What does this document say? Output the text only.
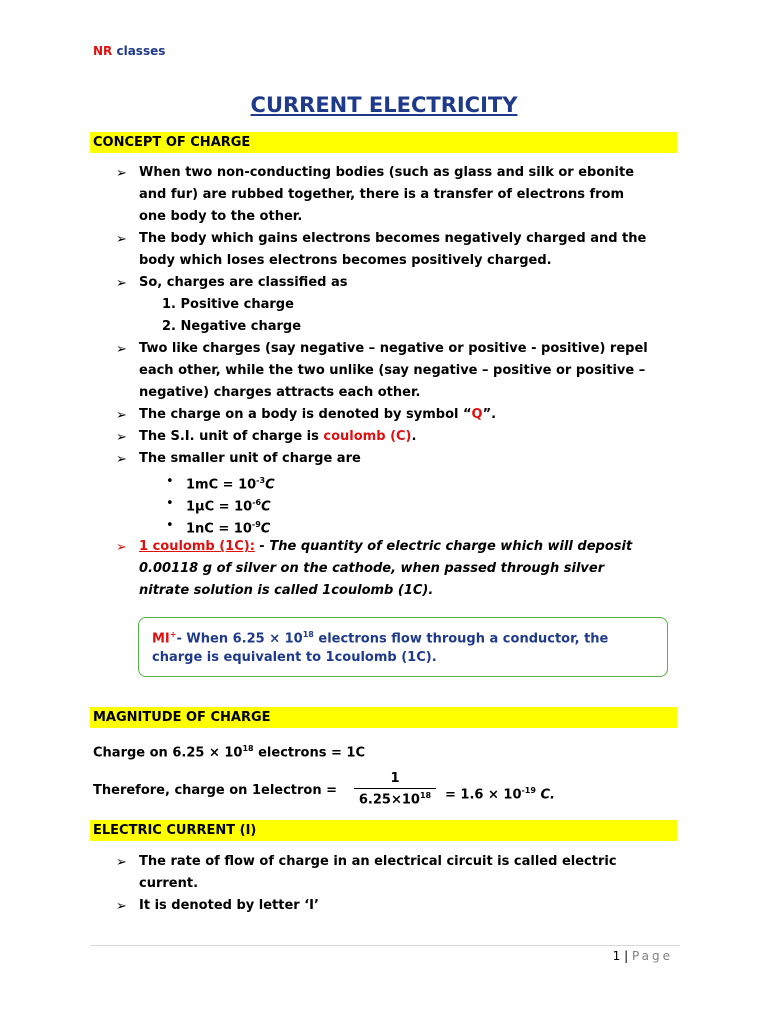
NR classes
CURRENT ELECTRICITY
CONCEPT OF CHARGE
➢ When two non-conducting bodies (such as glass and silk or ebonite
and fur) are rubbed together, there is a transfer of electrons from
one body to the other.
➢ The body which gains electrons becomes negatively charged and the
body which loses electrons becomes positively charged.
➢ So, charges are classified as
1. Positive charge
2. Negative charge
➢ Two like charges (say negative – negative or positive - positive) repel
each other, while the two unlike (say negative – positive or positive –
negative) charges attracts each other.
➢ The charge on a body is denoted by symbol “Q”.
➢ The S.I. unit of charge is coulomb (C).
➢ The smaller unit of charge are
• $1mC = 10^{-3}C$
• $1\mu C = 10^{-6}C$
• $1nC = 10^{-9}C$
➢ 1 coulomb (1C): - The quantity of electric charge which will deposit
0.00118 g of silver on the cathode, when passed through silver
nitrate solution is called 1coulomb (1C).
MI+- When $6.25 \times 10^{18}$ electrons flow through a conductor, the
charge is equivalent to 1coulomb (1C).
MAGNITUDE OF CHARGE
Charge on $6.25 \times 10^{18}$ electrons = 1C
Therefore, charge on 1electron =
1
$6.25\times 10^{18}$	= $1.6 \times 10^{-19}$ C.
ELECTRIC CURRENT (I)
➢ The rate of flow of charge in an electrical circuit is called electric
current.
➢ It is denoted by letter ‘I’
1 | Page
